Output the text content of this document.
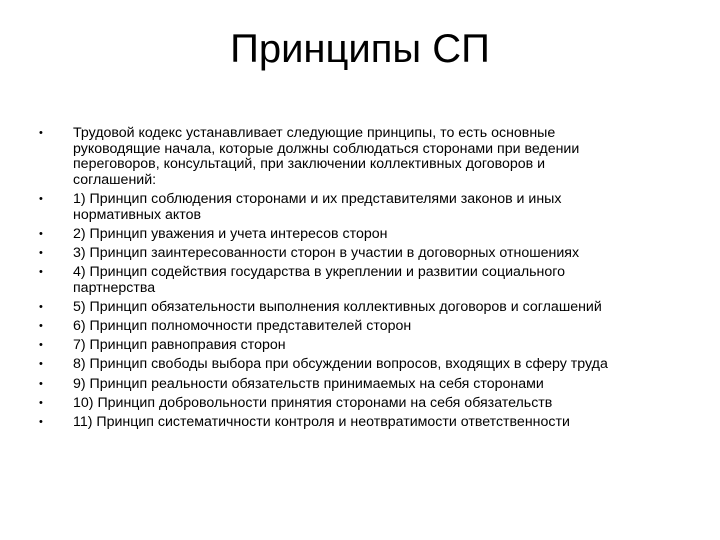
Принципы СП
•	Трудовой кодекс устанавливает следующие принципы, то есть основные
руководящие начала, которые должны соблюдаться сторонами при ведении
переговоров, консультаций, при заключении коллективных договоров и
соглашений:
•	1) Принцип соблюдения сторонами и их представителями законов и иных
нормативных актов
•	2) Принцип уважения и учета интересов сторон
•	3) Принцип заинтересованности сторон в участии в договорных отношениях
•	4) Принцип содействия государства в укреплении и развитии социального
партнерства
•	5) Принцип обязательности выполнения коллективных договоров и соглашений
•	6) Принцип полномочности представителей сторон
•	7) Принцип равноправия сторон
•	8) Принцип свободы выбора при обсуждении вопросов, входящих в сферу труда
•	9) Принцип реальности обязательств принимаемых на себя сторонами
•	10) Принцип добровольности принятия сторонами на себя обязательств
•	11) Принцип систематичности контроля и неотвратимости ответственности
